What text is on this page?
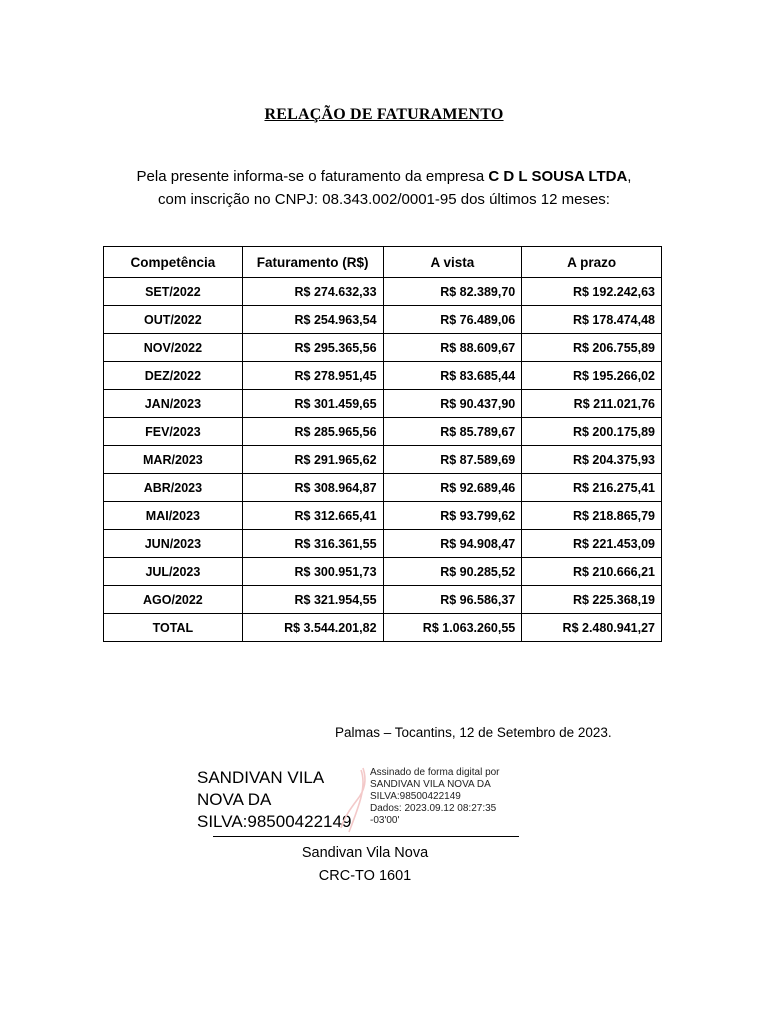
RELAÇÃO DE FATURAMENTO
Pela presente informa-se o faturamento da empresa C D L SOUSA LTDA,
com inscrição no CNPJ: 08.343.002/0001-95 dos últimos 12 meses:
Competência	Faturamento (R$)	A vista	A prazo
SET/2022	R$ 274.632,33	R$ 82.389,70	R$ 192.242,63
OUT/2022	R$ 254.963,54	R$ 76.489,06	R$ 178.474,48
NOV/2022	R$ 295.365,56	R$ 88.609,67	R$ 206.755,89
DEZ/2022	R$ 278.951,45	R$ 83.685,44	R$ 195.266,02
JAN/2023	R$ 301.459,65	R$ 90.437,90	R$ 211.021,76
FEV/2023	R$ 285.965,56	R$ 85.789,67	R$ 200.175,89
MAR/2023	R$ 291.965,62	R$ 87.589,69	R$ 204.375,93
ABR/2023	R$ 308.964,87	R$ 92.689,46	R$ 216.275,41
MAI/2023	R$ 312.665,41	R$ 93.799,62	R$ 218.865,79
JUN/2023	R$ 316.361,55	R$ 94.908,47	R$ 221.453,09
JUL/2023	R$ 300.951,73	R$ 90.285,52	R$ 210.666,21
AGO/2022	R$ 321.954,55	R$ 96.586,37	R$ 225.368,19
TOTAL	R$ 3.544.201,82	R$ 1.063.260,55	R$ 2.480.941,27
Palmas – Tocantins, 12 de Setembro de 2023.
SANDIVAN VILA
NOVA DA
SILVA:98500422149
Assinado de forma digital por
SANDIVAN VILA NOVA DA
SILVA:98500422149
Dados: 2023.09.12 08:27:35
-03'00'
Sandivan Vila Nova
CRC-TO 1601
